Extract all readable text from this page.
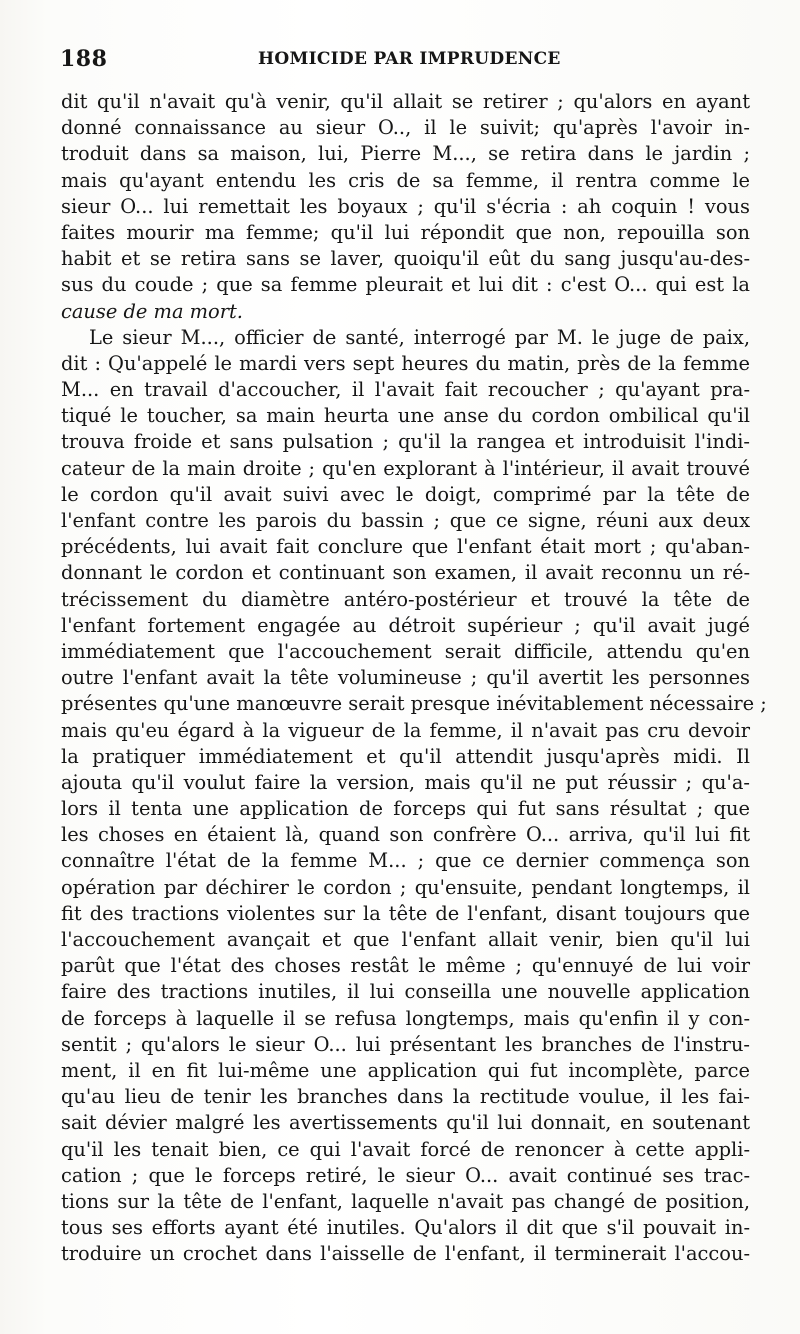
188	HOMICIDE PAR IMPRUDENCE
dit qu'il n'avait qu'à venir, qu'il allait se retirer ; qu'alors en ayant
donné connaissance au sieur O.., il le suivit; qu'après l'avoir in-
troduit dans sa maison, lui, Pierre M..., se retira dans le jardin ;
mais qu'ayant entendu les cris de sa femme, il rentra comme le
sieur O... lui remettait les boyaux ; qu'il s'écria : ah coquin ! vous
faites mourir ma femme; qu'il lui répondit que non, repouilla son
habit et se retira sans se laver, quoiqu'il eût du sang jusqu'au-des-
sus du coude ; que sa femme pleurait et lui dit : c'est O... qui est la
cause de ma mort.
Le sieur M..., officier de santé, interrogé par M. le juge de paix,
dit : Qu'appelé le mardi vers sept heures du matin, près de la femme
M... en travail d'accoucher, il l'avait fait recoucher ; qu'ayant pra-
tiqué le toucher, sa main heurta une anse du cordon ombilical qu'il
trouva froide et sans pulsation ; qu'il la rangea et introduisit l'indi-
cateur de la main droite ; qu'en explorant à l'intérieur, il avait trouvé
le cordon qu'il avait suivi avec le doigt, comprimé par la tête de
l'enfant contre les parois du bassin ; que ce signe, réuni aux deux
précédents, lui avait fait conclure que l'enfant était mort ; qu'aban-
donnant le cordon et continuant son examen, il avait reconnu un ré-
trécissement du diamètre antéro-postérieur et trouvé la tête de
l'enfant fortement engagée au détroit supérieur ; qu'il avait jugé
immédiatement que l'accouchement serait difficile, attendu qu'en
outre l'enfant avait la tête volumineuse ; qu'il avertit les personnes
présentes qu'une manœuvre serait presque inévitablement nécessaire ;
mais qu'eu égard à la vigueur de la femme, il n'avait pas cru devoir
la pratiquer immédiatement et qu'il attendit jusqu'après midi. Il
ajouta qu'il voulut faire la version, mais qu'il ne put réussir ; qu'a-
lors il tenta une application de forceps qui fut sans résultat ; que
les choses en étaient là, quand son confrère O... arriva, qu'il lui fit
connaître l'état de la femme M... ; que ce dernier commença son
opération par déchirer le cordon ; qu'ensuite, pendant longtemps, il
fit des tractions violentes sur la tête de l'enfant, disant toujours que
l'accouchement avançait et que l'enfant allait venir, bien qu'il lui
parût que l'état des choses restât le même ; qu'ennuyé de lui voir
faire des tractions inutiles, il lui conseilla une nouvelle application
de forceps à laquelle il se refusa longtemps, mais qu'enfin il y con-
sentit ; qu'alors le sieur O... lui présentant les branches de l'instru-
ment, il en fit lui-même une application qui fut incomplète, parce
qu'au lieu de tenir les branches dans la rectitude voulue, il les fai-
sait dévier malgré les avertissements qu'il lui donnait, en soutenant
qu'il les tenait bien, ce qui l'avait forcé de renoncer à cette appli-
cation ; que le forceps retiré, le sieur O... avait continué ses trac-
tions sur la tête de l'enfant, laquelle n'avait pas changé de position,
tous ses efforts ayant été inutiles. Qu'alors il dit que s'il pouvait in-
troduire un crochet dans l'aisselle de l'enfant, il terminerait l'accou-
